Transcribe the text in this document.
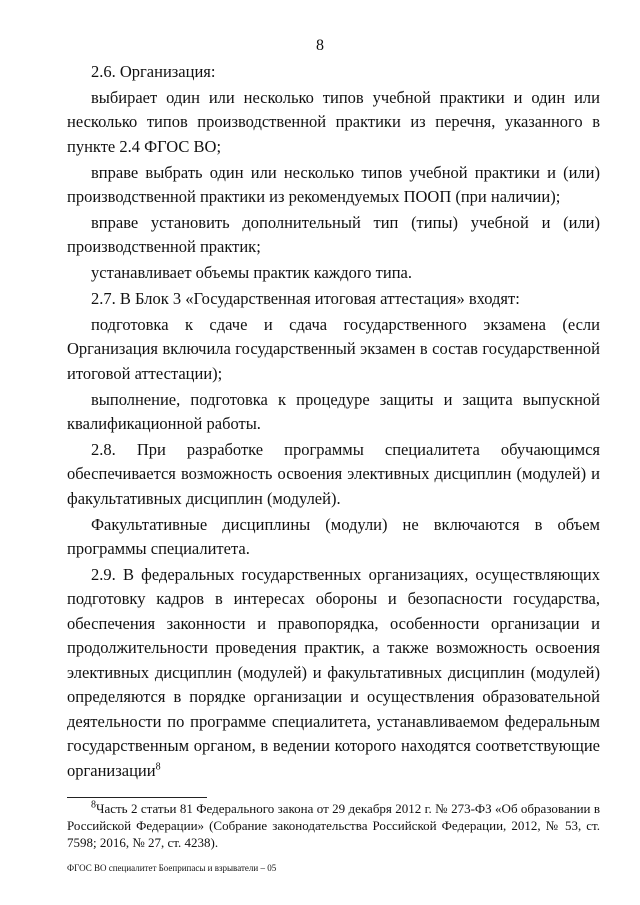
8

2.6. Организация:

выбирает один или несколько типов учебной практики и один или несколько типов производственной практики из перечня, указанного в пункте 2.4 ФГОС ВО;

вправе выбрать один или несколько типов учебной практики и (или) производственной практики из рекомендуемых ПООП (при наличии);

вправе установить дополнительный тип (типы) учебной и (или) производственной практик;

устанавливает объемы практик каждого типа.

2.7. В Блок 3 «Государственная итоговая аттестация» входят:

подготовка к сдаче и сдача государственного экзамена (если Организация включила государственный экзамен в состав государственной итоговой аттестации);

выполнение, подготовка к процедуре защиты и защита выпускной квалификационной работы.

2.8. При разработке программы специалитета обучающимся обеспечивается возможность освоения элективных дисциплин (модулей) и факультативных дисциплин (модулей).

Факультативные дисциплины (модули) не включаются в объем программы специалитета.

2.9. В федеральных государственных организациях, осуществляющих подготовку кадров в интересах обороны и безопасности государства, обеспечения законности и правопорядка, особенности организации и продолжительности проведения практик, а также возможность освоения элективных дисциплин (модулей) и факультативных дисциплин (модулей) определяются в порядке организации и осуществления образовательной деятельности по программе специалитета, устанавливаемом федеральным государственным органом, в ведении которого находятся соответствующие организации$^8$

$^8$Часть 2 статьи 81 Федерального закона от 29 декабря 2012 г. № 273-ФЗ «Об образовании в Российской Федерации» (Собрание законодательства Российской Федерации, 2012, № 53, ст. 7598; 2016, № 27, ст. 4238).

ФГОС ВО специалитет Боеприпасы и взрыватели – 05
